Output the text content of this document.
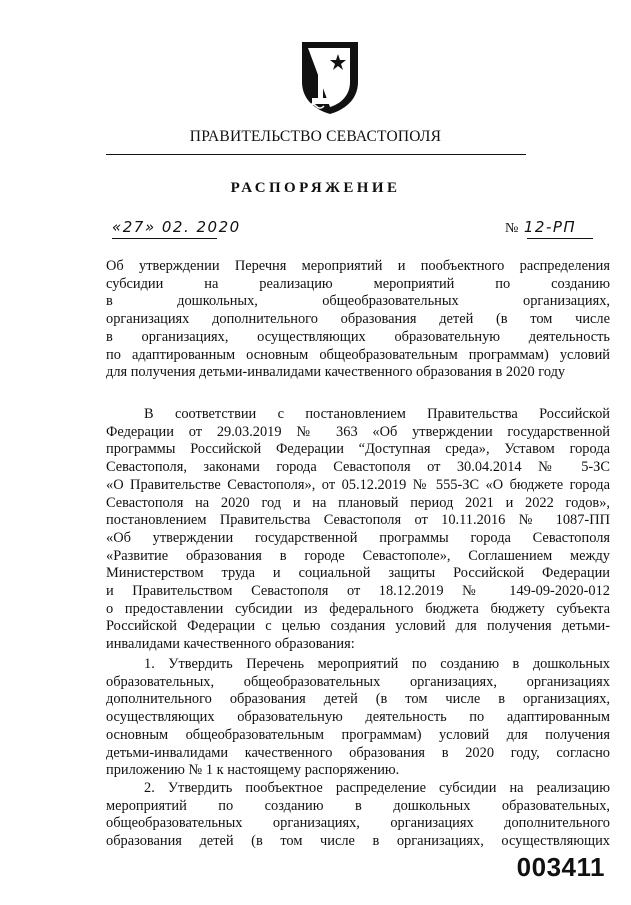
ПРАВИТЕЛЬСТВО СЕВАСТОПОЛЯ
РАСПОРЯЖЕНИЕ
«27» 02. 2020	№ 12-РП
Об утверждении Перечня мероприятий и пообъектного распределения
субсидии на реализацию мероприятий по созданию
в дошкольных, общеобразовательных организациях,
организациях дополнительного образования детей (в том числе
в организациях, осуществляющих образовательную деятельность
по адаптированным основным общеобразовательным программам) условий
для получения детьми-инвалидами качественного образования в 2020 году
В соответствии с постановлением Правительства Российской
Федерации от 29.03.2019 № 363 «Об утверждении государственной
программы Российской Федерации “Доступная среда», Уставом города
Севастополя, законами города Севастополя от 30.04.2014 № 5-ЗС
«О Правительстве Севастополя», от 05.12.2019 № 555-ЗС «О бюджете города
Севастополя на 2020 год и на плановый период 2021 и 2022 годов»,
постановлением Правительства Севастополя от 10.11.2016 № 1087-ПП
«Об утверждении государственной программы города Севастополя
«Развитие образования в городе Севастополе», Соглашением между
Министерством труда и социальной защиты Российской Федерации
и Правительством Севастополя от 18.12.2019 № 149-09-2020-012
о предоставлении субсидии из федерального бюджета бюджету субъекта
Российской Федерации с целью создания условий для получения детьми-
инвалидами качественного образования:
1. Утвердить Перечень мероприятий по созданию в дошкольных
образовательных, общеобразовательных организациях, организациях
дополнительного образования детей (в том числе в организациях,
осуществляющих образовательную деятельность по адаптированным
основным общеобразовательным программам) условий для получения
детьми-инвалидами качественного образования в 2020 году, согласно
приложению № 1 к настоящему распоряжению.
2. Утвердить пообъектное распределение субсидии на реализацию
мероприятий по созданию в дошкольных образовательных,
общеобразовательных организациях, организациях дополнительного
образования детей (в том числе в организациях, осуществляющих
003411
